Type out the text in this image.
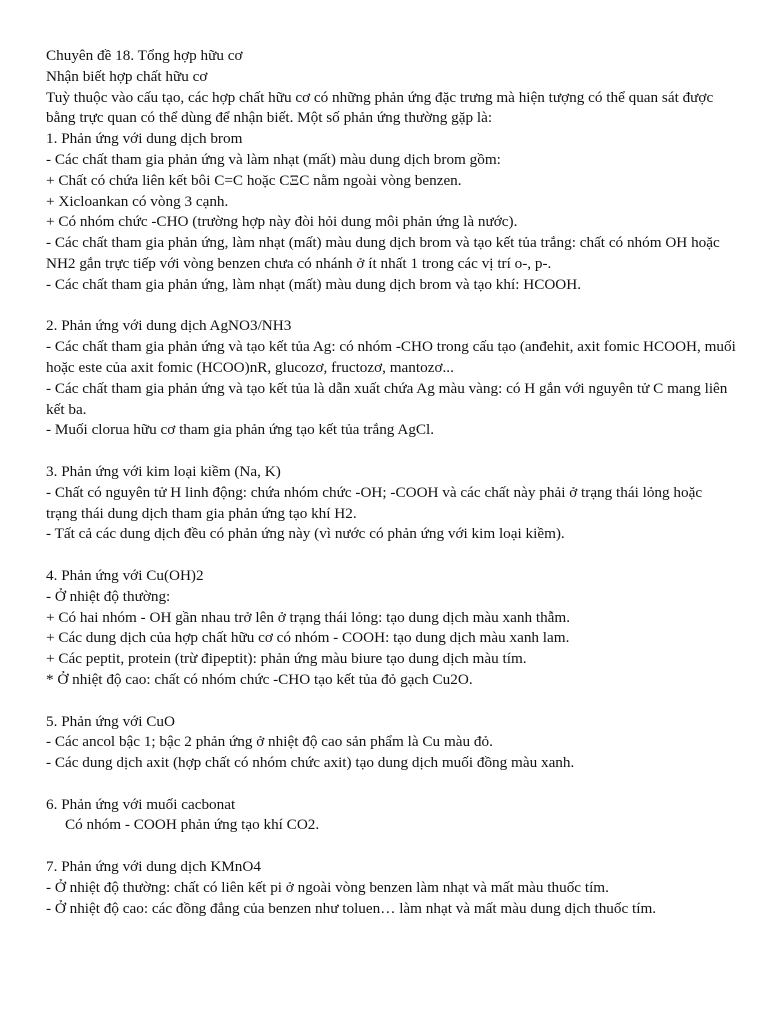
Chuyên đề 18. Tổng hợp hữu cơ

Nhận biết hợp chất hữu cơ

Tuỳ thuộc vào cấu tạo, các hợp chất hữu cơ có những phản ứng đặc trưng mà hiện tượng có thể quan sát được bằng trực quan có thể dùng để nhận biết. Một số phản ứng thường gặp là:

1. Phản ứng với dung dịch brom

- Các chất tham gia phản ứng và làm nhạt (mất) màu dung dịch brom gồm:

+ Chất có chứa liên kết bôi C=C hoặc CΞC nằm ngoài vòng benzen.

+ Xicloankan có vòng 3 cạnh.

+ Có nhóm chức -CHO (trường hợp này đòi hỏi dung môi phản ứng là nước).

- Các chất tham gia phản ứng, làm nhạt (mất) màu dung dịch brom và tạo kết tủa trắng: chất có nhóm OH hoặc NH2 gắn trực tiếp với vòng benzen chưa có nhánh ở ít nhất 1 trong các vị trí o-, p-.

- Các chất tham gia phản ứng, làm nhạt (mất) màu dung dịch brom và tạo khí: HCOOH.

2. Phản ứng với dung dịch AgNO3/NH3

- Các chất tham gia phản ứng và tạo kết tủa Ag: có nhóm -CHO trong cấu tạo (anđehit, axit fomic HCOOH, muối hoặc este của axit fomic (HCOO)nR, glucozơ, fructozơ, mantozơ...

- Các chất tham gia phản ứng và tạo kết tủa là dẫn xuất chứa Ag màu vàng: có H gắn với nguyên tử C mang liên kết ba.

- Muối clorua hữu cơ tham gia phản ứng tạo kết tủa trắng AgCl.

3. Phản ứng với kim loại kiềm (Na, K)

- Chất có nguyên tử H linh động: chứa nhóm chức -OH; -COOH và các chất này phải ở trạng thái lỏng hoặc trạng thái dung dịch tham gia phản ứng tạo khí H2.

- Tất cả các dung dịch đều có phản ứng này (vì nước có phản ứng với kim loại kiềm).

4. Phản ứng với Cu(OH)2

- Ở nhiệt độ thường:

+ Có hai nhóm - OH gần nhau trở lên ở trạng thái lỏng: tạo dung dịch màu xanh thẫm.

+ Các dung dịch của hợp chất hữu cơ có nhóm - COOH: tạo dung dịch màu xanh lam.

+ Các peptit, protein (trừ đipeptit): phản ứng màu biure tạo dung dịch màu tím.

* Ở nhiệt độ cao: chất có nhóm chức -CHO tạo kết tủa đỏ gạch Cu2O.

5. Phản ứng với CuO

- Các ancol bậc 1; bậc 2 phản ứng ở nhiệt độ cao sản phẩm là Cu màu đỏ.

- Các dung dịch axit (hợp chất có nhóm chức axit) tạo dung dịch muối đồng màu xanh.

6. Phản ứng với muối cacbonat

Có nhóm - COOH phản ứng tạo khí CO2.

7. Phản ứng với dung dịch KMnO4

- Ở nhiệt độ thường: chất có liên kết pi ở ngoài vòng benzen làm nhạt và mất màu thuốc tím.

- Ở nhiệt độ cao: các đồng đẳng của benzen như toluen… làm nhạt và mất màu dung dịch thuốc tím.
